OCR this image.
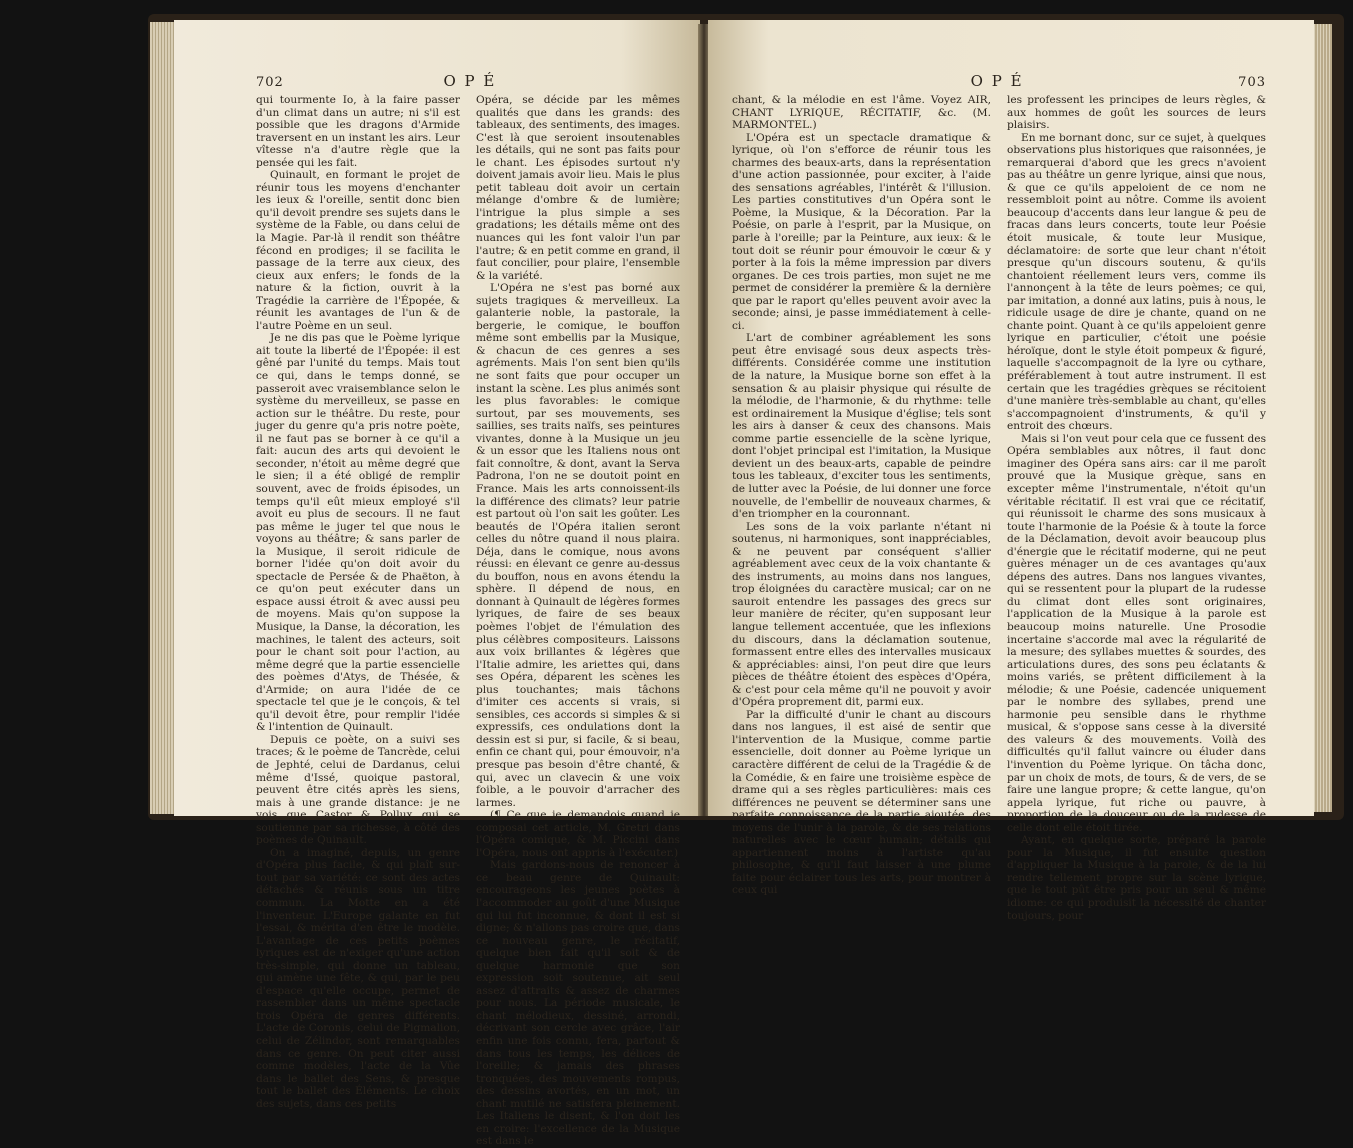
702	O P É

qui tourmente Io, à la faire passer d'un climat dans un autre; ni s'il est possible que les dragons d'Armide traversent en un instant les airs. Leur vîtesse n'a d'autre règle que la pensée qui les fait.

Quinault, en formant le projet de réunir tous les moyens d'enchanter les ieux & l'oreille, sentit donc bien qu'il devoit prendre ses sujets dans le système de la Fable, ou dans celui de la Magie. Par-là il rendit son théâtre fécond en prodiges; il se facilita le passage de la terre aux cieux, des cieux aux enfers; le fonds de la nature & la fiction, ouvrit à la Tragédie la carrière de l'Épopée, & réunit les avantages de l'un & de l'autre Poème en un seul.

Je ne dis pas que le Poème lyrique ait toute la liberté de l'Épopée: il est gêné par l'unité du temps. Mais tout ce qui, dans le temps donné, se passeroit avec vraisemblance selon le système du merveilleux, se passe en action sur le théâtre. Du reste, pour juger du genre qu'a pris notre poète, il ne faut pas se borner à ce qu'il a fait: aucun des arts qui devoient le seconder, n'étoit au même degré que le sien; il a été obligé de remplir souvent, avec de froids épisodes, un temps qu'il eût mieux employé s'il avoit eu plus de secours. Il ne faut pas même le juger tel que nous le voyons au théâtre; & sans parler de la Musique, il seroit ridicule de borner l'idée qu'on doit avoir du spectacle de Persée & de Phaëton, à ce qu'on peut exécuter dans un espace aussi étroit & avec aussi peu de moyens. Mais qu'on suppose la Musique, la Danse, la décoration, les machines, le talent des acteurs, soit pour le chant soit pour l'action, au même degré que la partie essencielle des poèmes d'Atys, de Thésée, & d'Armide; on aura l'idée de ce spectacle tel que je le conçois, & tel qu'il devoit être, pour remplir l'idée & l'intention de Quinault.

Depuis ce poète, on a suivi ses traces; & le poème de Tancrède, celui de Jephté, celui de Dardanus, celui même d'Issé, quoique pastoral, peuvent être cités après les siens, mais à une grande distance: je ne vois que Castor & Pollux qui se soutienne par sa richesse, à côté des poèmes de Quinault.

On a imaginé, depuis, un genre d'Opéra plus facile, & qui plaît sur-tout par sa variété: ce sont des actes détachés & réunis sous un titre commun. La Motte en a été l'inventeur. L'Europe galante en fut l'essai, & mérita d'en être le modèle. L'avantage de ces petits poèmes lyriques est de n'exiger qu'une action très-simple, qui donne un tableau, qui amène une fête, & qui, par le peu d'espace qu'elle occupe, permet de rassembler dans un même spectacle trois Opéra de genres différents. L'acte de Coronis, celui de Pigmalion, celui de Zélindor, sont remarquables dans ce genre. On peut citer aussi comme modèles, l'acte de la Vûe dans le ballet des Sens, & presque tout le ballet des Éléments. Le choix des sujets, dans ces petits

Opéra, se décide par les mêmes qualités que dans les grands: des tableaux, des sentiments, des images. C'est là que seroient insoutenables les détails, qui ne sont pas faits pour le chant. Les épisodes surtout n'y doivent jamais avoir lieu. Mais le plus petit tableau doit avoir un certain mélange d'ombre & de lumière; l'intrigue la plus simple a ses gradations; les détails même ont des nuances qui les font valoir l'un par l'autre; & en petit comme en grand, il faut concilier, pour plaire, l'ensemble & la variété.

L'Opéra ne s'est pas borné aux sujets tragiques & merveilleux. La galanterie noble, la pastorale, la bergerie, le comique, le bouffon même sont embellis par la Musique, & chacun de ces genres a ses agréments. Mais l'on sent bien qu'ils ne sont faits que pour occuper un instant la scène. Les plus animés sont les plus favorables: le comique surtout, par ses mouvements, ses saillies, ses traits naïfs, ses peintures vivantes, donne à la Musique un jeu & un essor que les Italiens nous ont fait connoître, & dont, avant la Serva Padrona, l'on ne se doutoit point en France. Mais les arts connoissent-ils la différence des climats? leur patrie est partout où l'on sait les goûter. Les beautés de l'Opéra italien seront celles du nôtre quand il nous plaira. Déja, dans le comique, nous avons réussi: en élevant ce genre au-dessus du bouffon, nous en avons étendu la sphère. Il dépend de nous, en donnant à Quinault de légères formes lyriques, de faire de ses beaux poèmes l'objet de l'émulation des plus célèbres compositeurs. Laissons aux voix brillantes & légères que l'Italie admire, les ariettes qui, dans ses Opéra, déparent les scènes les plus touchantes; mais tâchons d'imiter ces accents si vrais, si sensibles, ces accords si simples & si expressifs, ces ondulations dont la dessin est si pur, si facile, & si beau, enfin ce chant qui, pour émouvoir, n'a presque pas besoin d'être chanté, & qui, avec un clavecin & une voix foible, a le pouvoir d'arracher des larmes.

(¶ Ce que je demandois quand je composai cet article, M. Gretri dans l'Opéra comique, & M. Piccini dans l'Opéra, nous ont appris à l'exécuter.)

Mais gardons-nous de renoncer à ce beau genre de Quinault: encourageons les jeunes poètes à l'accommoder au goût d'une Musique qui lui fut inconnue, & dont il est si digne; & n'allons pas croire que, dans ce nouveau genre, le récitatif, quelque bien fait qu'il soit & de quelque harmonie que son expression soit soutenue, ait seul assez d'attraits & assez de charmes pour nous. La période musicale, le chant mélodieux, dessiné, arrondi, décrivant son cercle avec grâce, l'air enfin une fois connu, fera, partout & dans tous les temps, les délices de l'oreille; & jamais des phrases tronquées, des mouvements rompus, des dessins avortés, en un mot, un chant mutilé ne satisfera pleinement. Les Italiens le disent, & l'on doit les en croire: l'excellence de la Musique est dans le

O P É	703

chant, & la mélodie en est l'âme. Voyez AIR, CHANT LYRIQUE, RÉCITATIF, &c. (M. MARMONTEL.)

L'Opéra est un spectacle dramatique & lyrique, où l'on s'efforce de réunir tous les charmes des beaux-arts, dans la représentation d'une action passionnée, pour exciter, à l'aide des sensations agréables, l'intérêt & l'illusion. Les parties constitutives d'un Opéra sont le Poème, la Musique, & la Décoration. Par la Poésie, on parle à l'esprit, par la Musique, on parle à l'oreille; par la Peinture, aux ieux: & le tout doit se réunir pour émouvoir le cœur & y porter à la fois la même impression par divers organes. De ces trois parties, mon sujet ne me permet de considérer la première & la dernière que par le raport qu'elles peuvent avoir avec la seconde; ainsi, je passe immédiatement à celle-ci.

L'art de combiner agréablement les sons peut être envisagé sous deux aspects très-différents. Considérée comme une institution de la nature, la Musique borne son effet à la sensation & au plaisir physique qui résulte de la mélodie, de l'harmonie, & du rhythme: telle est ordinairement la Musique d'église; tels sont les airs à danser & ceux des chansons. Mais comme partie essencielle de la scène lyrique, dont l'objet principal est l'imitation, la Musique devient un des beaux-arts, capable de peindre tous les tableaux, d'exciter tous les sentiments, de lutter avec la Poésie, de lui donner une force nouvelle, de l'embellir de nouveaux charmes, & d'en triompher en la couronnant.

Les sons de la voix parlante n'étant ni soutenus, ni harmoniques, sont inappréciables, & ne peuvent par conséquent s'allier agréablement avec ceux de la voix chantante & des instruments, au moins dans nos langues, trop éloignées du caractère musical; car on ne sauroit entendre les passages des grecs sur leur manière de réciter, qu'en supposant leur langue tellement accentuée, que les inflexions du discours, dans la déclamation soutenue, formassent entre elles des intervalles musicaux & appréciables: ainsi, l'on peut dire que leurs pièces de théâtre étoient des espèces d'Opéra, & c'est pour cela même qu'il ne pouvoit y avoir d'Opéra proprement dit, parmi eux.

Par la difficulté d'unir le chant au discours dans nos langues, il est aisé de sentir que l'intervention de la Musique, comme partie essencielle, doit donner au Poème lyrique un caractère différent de celui de la Tragédie & de la Comédie, & en faire une troisième espèce de drame qui a ses règles particulières: mais ces différences ne peuvent se déterminer sans une parfaite connoissance de la partie ajoutée, des moyens de l'unir à la parole, & de ses relations naturelles avec le cœur humain; détails qui appartiennent moins à l'artiste qu'au philosophe, & qu'il faut laisser à une plume faite pour éclairer tous les arts, pour montrer à ceux qui

les professent les principes de leurs règles, & aux hommes de goût les sources de leurs plaisirs.

En me bornant donc, sur ce sujet, à quelques observations plus historiques que raisonnées, je remarquerai d'abord que les grecs n'avoient pas au théâtre un genre lyrique, ainsi que nous, & que ce qu'ils appeloient de ce nom ne ressembloit point au nôtre. Comme ils avoient beaucoup d'accents dans leur langue & peu de fracas dans leurs concerts, toute leur Poésie étoit musicale, & toute leur Musique, déclamatoire: de sorte que leur chant n'étoit presque qu'un discours soutenu, & qu'ils chantoient réellement leurs vers, comme ils l'annonçent à la tête de leurs poèmes; ce qui, par imitation, a donné aux latins, puis à nous, le ridicule usage de dire je chante, quand on ne chante point. Quant à ce qu'ils appeloient genre lyrique en particulier, c'étoit une poésie héroïque, dont le style étoit pompeux & figuré, laquelle s'accompagnoit de la lyre ou cythare, préférablement à tout autre instrument. Il est certain que les tragédies grèques se récitoient d'une manière très-semblable au chant, qu'elles s'accompagnoient d'instruments, & qu'il y entroit des chœurs.

Mais si l'on veut pour cela que ce fussent des Opéra semblables aux nôtres, il faut donc imaginer des Opéra sans airs: car il me paroît prouvé que la Musique grèque, sans en excepter même l'instrumentale, n'étoit qu'un véritable récitatif. Il est vrai que ce récitatif, qui réunissoit le charme des sons musicaux à toute l'harmonie de la Poésie & à toute la force de la Déclamation, devoit avoir beaucoup plus d'énergie que le récitatif moderne, qui ne peut guères ménager un de ces avantages qu'aux dépens des autres. Dans nos langues vivantes, qui se ressentent pour la plupart de la rudesse du climat dont elles sont originaires, l'application de la Musique à la parole est beaucoup moins naturelle. Une Prosodie incertaine s'accorde mal avec la régularité de la mesure; des syllabes muettes & sourdes, des articulations dures, des sons peu éclatants & moins variés, se prêtent difficilement à la mélodie; & une Poésie, cadencée uniquement par le nombre des syllabes, prend une harmonie peu sensible dans le rhythme musical, & s'oppose sans cesse à la diversité des valeurs & des mouvements. Voilà des difficultés qu'il fallut vaincre ou éluder dans l'invention du Poème lyrique. On tâcha donc, par un choix de mots, de tours, & de vers, de se faire une langue propre; & cette langue, qu'on appela lyrique, fut riche ou pauvre, à proportion de la douceur ou de la rudesse de celle dont elle étoit tirée.

Ayant, en quelque sorte, préparé la parole pour la Musique, il fut ensuite question d'appliquer la Musique à la parole, & de la lui rendre tellement propre sur la scène lyrique, que le tout pût être pris pour un seul & même idiome: ce qui produisit la nécessité de chanter toujours, pour
